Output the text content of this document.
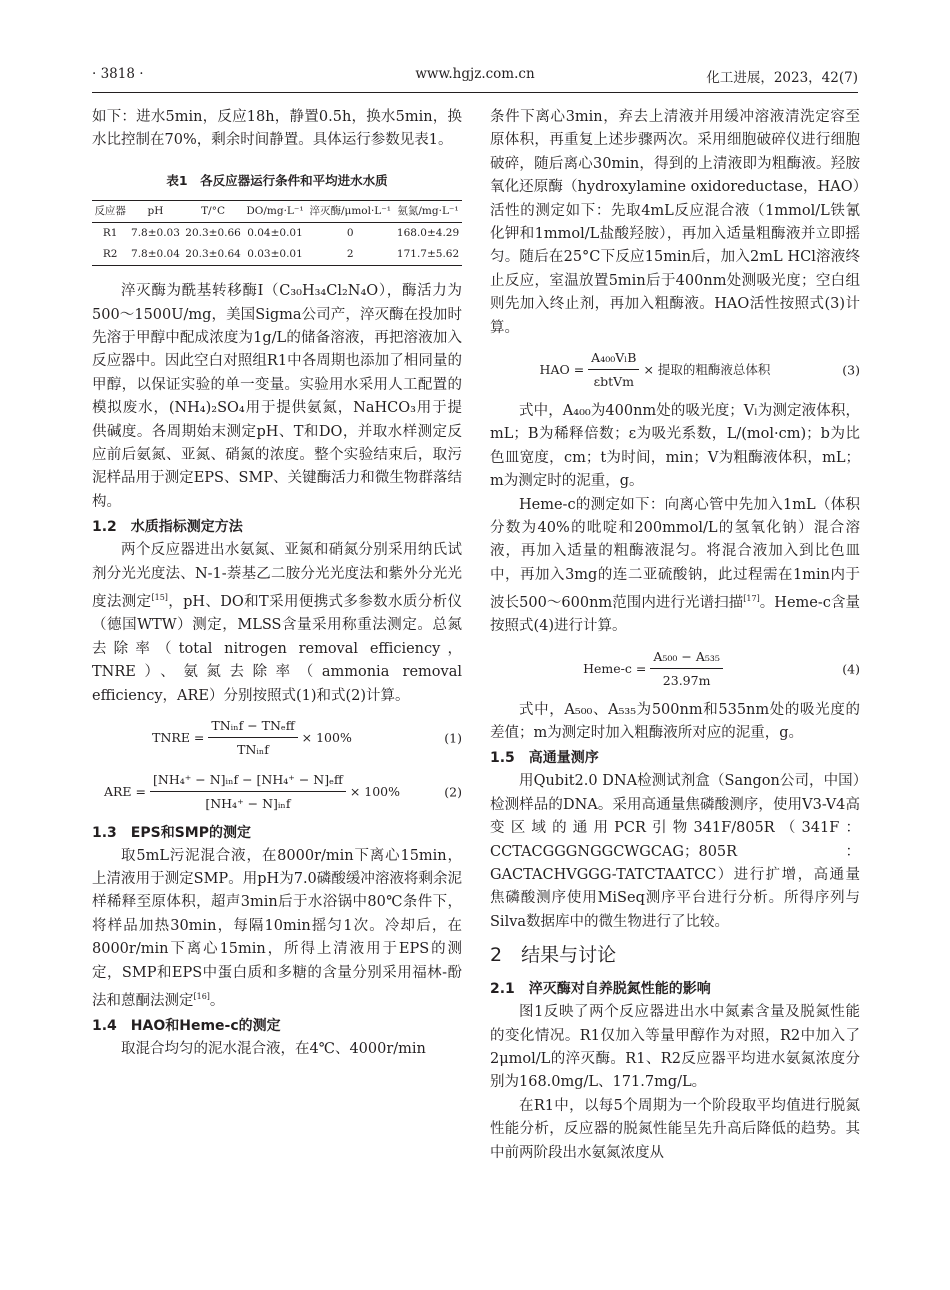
· 3818 ·	www.hgjz.com.cn	化工进展，2023，42(7)

如下：进水5min，反应18h，静置0.5h，换水5min，换水比控制在70%，剩余时间静置。具体运行参数见表1。

表1　各反应器运行条件和平均进水水质
反应器	pH	T/°C	DO/mg·L⁻¹	淬灭酶/μmol·L⁻¹	氨氮/mg·L⁻¹
R1	7.8±0.03	20.3±0.66	0.04±0.01	0	168.0±4.29
R2	7.8±0.04	20.3±0.64	0.03±0.01	2	171.7±5.62

淬灭酶为酰基转移酶Ⅰ（C₃₀H₃₄Cl₂N₄O），酶活力为500～1500U/mg，美国Sigma公司产，淬灭酶在投加时先溶于甲醇中配成浓度为1g/L的储备溶液，再把溶液加入反应器中。因此空白对照组R1中各周期也添加了相同量的甲醇，以保证实验的单一变量。实验用水采用人工配置的模拟废水，(NH₄)₂SO₄用于提供氨氮，NaHCO₃用于提供碱度。各周期始末测定pH、T和DO，并取水样测定反应前后氨氮、亚氮、硝氮的浓度。整个实验结束后，取污泥样品用于测定EPS、SMP、关键酶活力和微生物群落结构。

1.2　水质指标测定方法

两个反应器进出水氨氮、亚氮和硝氮分别采用纳氏试剂分光光度法、N-1-萘基乙二胺分光光度法和紫外分光光度法测定[15]，pH、DO和T采用便携式多参数水质分析仪（德国WTW）测定，MLSS含量采用称重法测定。总氮去除率（total nitrogen removal efficiency，TNRE）、氨氮去除率（ammonia removal efficiency，ARE）分别按照式(1)和式(2)计算。

TNRE = $\frac{\text{TNᵢₙf − TNₑff}}{\text{TNᵢₙf}} \times 100\%$	(1)
ARE = $\frac{\text{[NH₄⁺ − N]ᵢₙf − [NH₄⁺ − N]ₑff}}{\text{[NH₄⁺ − N]ᵢₙf}} \times 100\%$	(2)
1.3　EPS和SMP的测定

取5mL污泥混合液，在8000r/min下离心15min，上清液用于测定SMP。用pH为7.0磷酸缓冲溶液将剩余泥样稀释至原体积，超声3min后于水浴锅中80℃条件下，将样品加热30min，每隔10min摇匀1次。冷却后，在8000r/min下离心15min，所得上清液用于EPS的测定，SMP和EPS中蛋白质和多糖的含量分别采用福林-酚法和蒽酮法测定[16]。

1.4　HAO和Heme-c的测定

取混合均匀的泥水混合液，在4℃、4000r/min

条件下离心3min，弃去上清液并用缓冲溶液清洗定容至原体积，再重复上述步骤两次。采用细胞破碎仪进行细胞破碎，随后离心30min，得到的上清液即为粗酶液。羟胺氧化还原酶（hydroxylamine oxidoreductase，HAO）活性的测定如下：先取4mL反应混合液（1mmol/L铁氰化钾和1mmol/L盐酸羟胺），再加入适量粗酶液并立即摇匀。随后在25°C下反应15min后，加入2mL HCl溶液终止反应，室温放置5min后于400nm处测吸光度；空白组则先加入终止剂，再加入粗酶液。HAO活性按照式(3)计算。

HAO = $\frac{\text{A₄₀₀VₗB}}{\text{εbtVm}}$ × 提取的粗酶液总体积	(3)

式中，A₄₀₀为400nm处的吸光度；Vₗ为测定液体积，mL；B为稀释倍数；ε为吸光系数，L/(mol·cm)；b为比色皿宽度，cm；t为时间，min；V为粗酶液体积，mL；m为测定时的泥重，g。

Heme-c的测定如下：向离心管中先加入1mL（体积分数为40%的吡啶和200mmol/L的氢氧化钠）混合溶液，再加入适量的粗酶液混匀。将混合液加入到比色皿中，再加入3mg的连二亚硫酸钠，此过程需在1min内于波长500～600nm范围内进行光谱扫描[17]。Heme-c含量按照式(4)进行计算。

Heme-c = $\frac{\text{A₅₀₀ − A₅₃₅}}{23.97m}$	(4)

式中，A₅₀₀、A₅₃₅为500nm和535nm处的吸光度的差值；m为测定时加入粗酶液所对应的泥重，g。

1.5　高通量测序

用Qubit2.0 DNA检测试剂盒（Sangon公司，中国）检测样品的DNA。采用高通量焦磷酸测序，使用V3-V4高变区域的通用PCR引物341F/805R（341F：CCTACGGGNGGCWGCAG；805R：GACTACHVGGG-TATCTAATCC）进行扩增，高通量焦磷酸测序使用MiSeq测序平台进行分析。所得序列与Silva数据库中的微生物进行了比较。

2　结果与讨论
2.1　淬灭酶对自养脱氮性能的影响

图1反映了两个反应器进出水中氮素含量及脱氮性能的变化情况。R1仅加入等量甲醇作为对照，R2中加入了2μmol/L的淬灭酶。R1、R2反应器平均进水氨氮浓度分别为168.0mg/L、171.7mg/L。

在R1中，以每5个周期为一个阶段取平均值进行脱氮性能分析，反应器的脱氮性能呈先升高后降低的趋势。其中前两阶段出水氨氮浓度从
